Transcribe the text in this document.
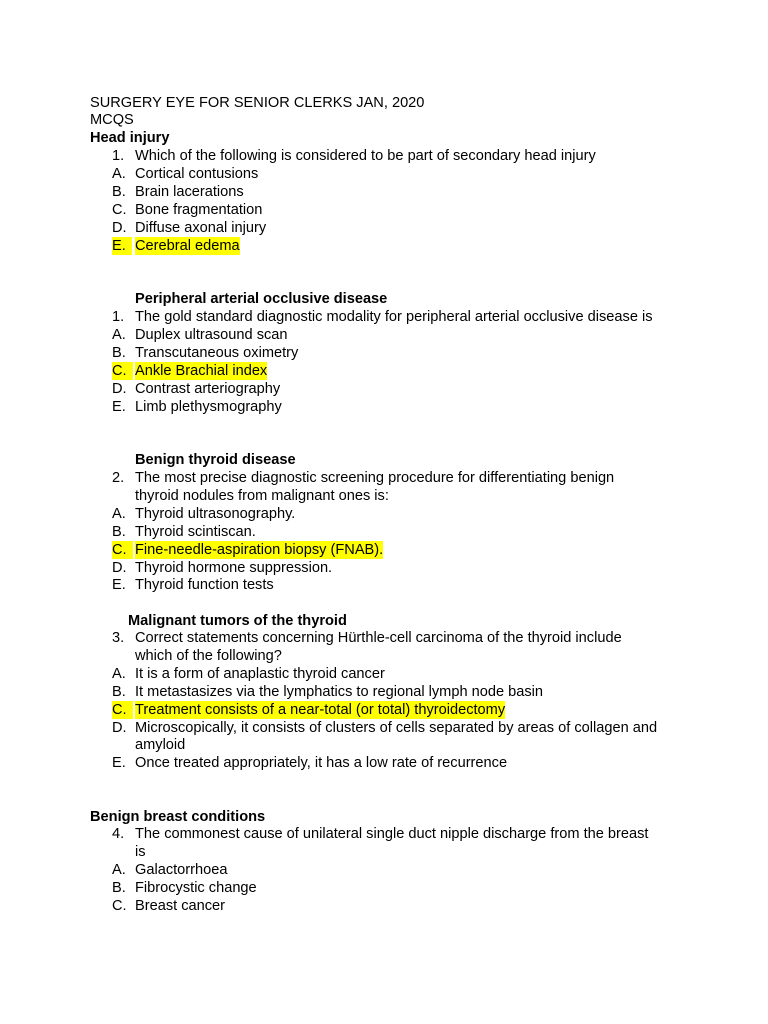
SURGERY EYE FOR SENIOR CLERKS JAN, 2020
MCQS
Head injury
1. Which of the following is considered to be part of secondary head injury
A. Cortical contusions
B. Brain lacerations
C. Bone fragmentation
D. Diffuse axonal injury
E. Cerebral edema
Peripheral arterial occlusive disease
1. The gold standard diagnostic modality for peripheral arterial occlusive disease is
A. Duplex ultrasound scan
B. Transcutaneous oximetry
C. Ankle Brachial index
D. Contrast arteriography
E. Limb plethysmography
Benign thyroid disease
2. The most precise diagnostic screening procedure for differentiating benign
thyroid nodules from malignant ones is:
A. Thyroid ultrasonography.
B. Thyroid scintiscan.
C. Fine-needle-aspiration biopsy (FNAB).
D. Thyroid hormone suppression.
E. Thyroid function tests
Malignant tumors of the thyroid
3. Correct statements concerning Hürthle-cell carcinoma of the thyroid include
which of the following?
A. It is a form of anaplastic thyroid cancer
B. It metastasizes via the lymphatics to regional lymph node basin
C. Treatment consists of a near-total (or total) thyroidectomy
D. Microscopically, it consists of clusters of cells separated by areas of collagen and
amyloid
E. Once treated appropriately, it has a low rate of recurrence
Benign breast conditions
4. The commonest cause of unilateral single duct nipple discharge from the breast
is
A. Galactorrhoea
B. Fibrocystic change
C. Breast cancer
